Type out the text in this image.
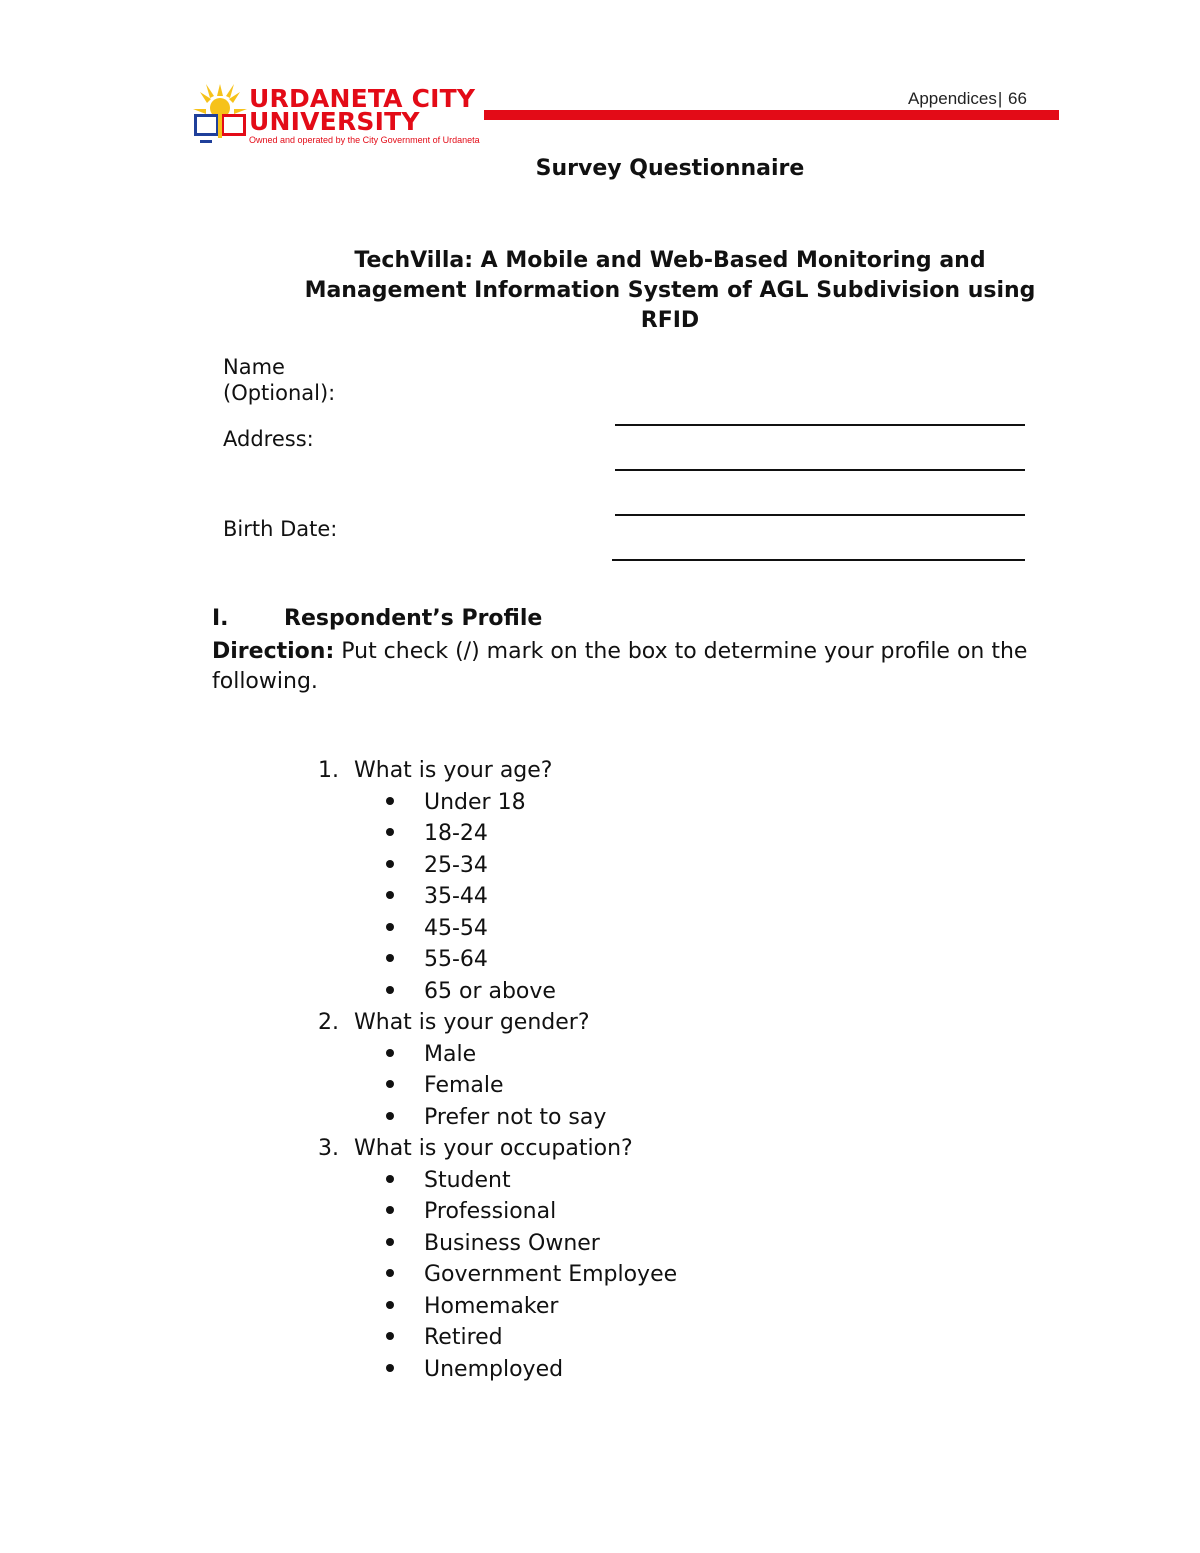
URDANETA CITY
UNIVERSITY
Owned and operated by the City Government of Urdaneta
Appendices| 66
Survey Questionnaire
TechVilla: A Mobile and Web-Based Monitoring and Management Information System of AGL Subdivision using RFID
Name
(Optional):
Address:
Birth Date:
I.	Respondent’s Profile
Direction: Put check (/) mark on the box to determine your profile on the following.
1. What is your age?
Under 18
18-24
25-34
35-44
45-54
55-64
65 or above
2. What is your gender?
Male
Female
Prefer not to say
3. What is your occupation?
Student
Professional
Business Owner
Government Employee
Homemaker
Retired
Unemployed
